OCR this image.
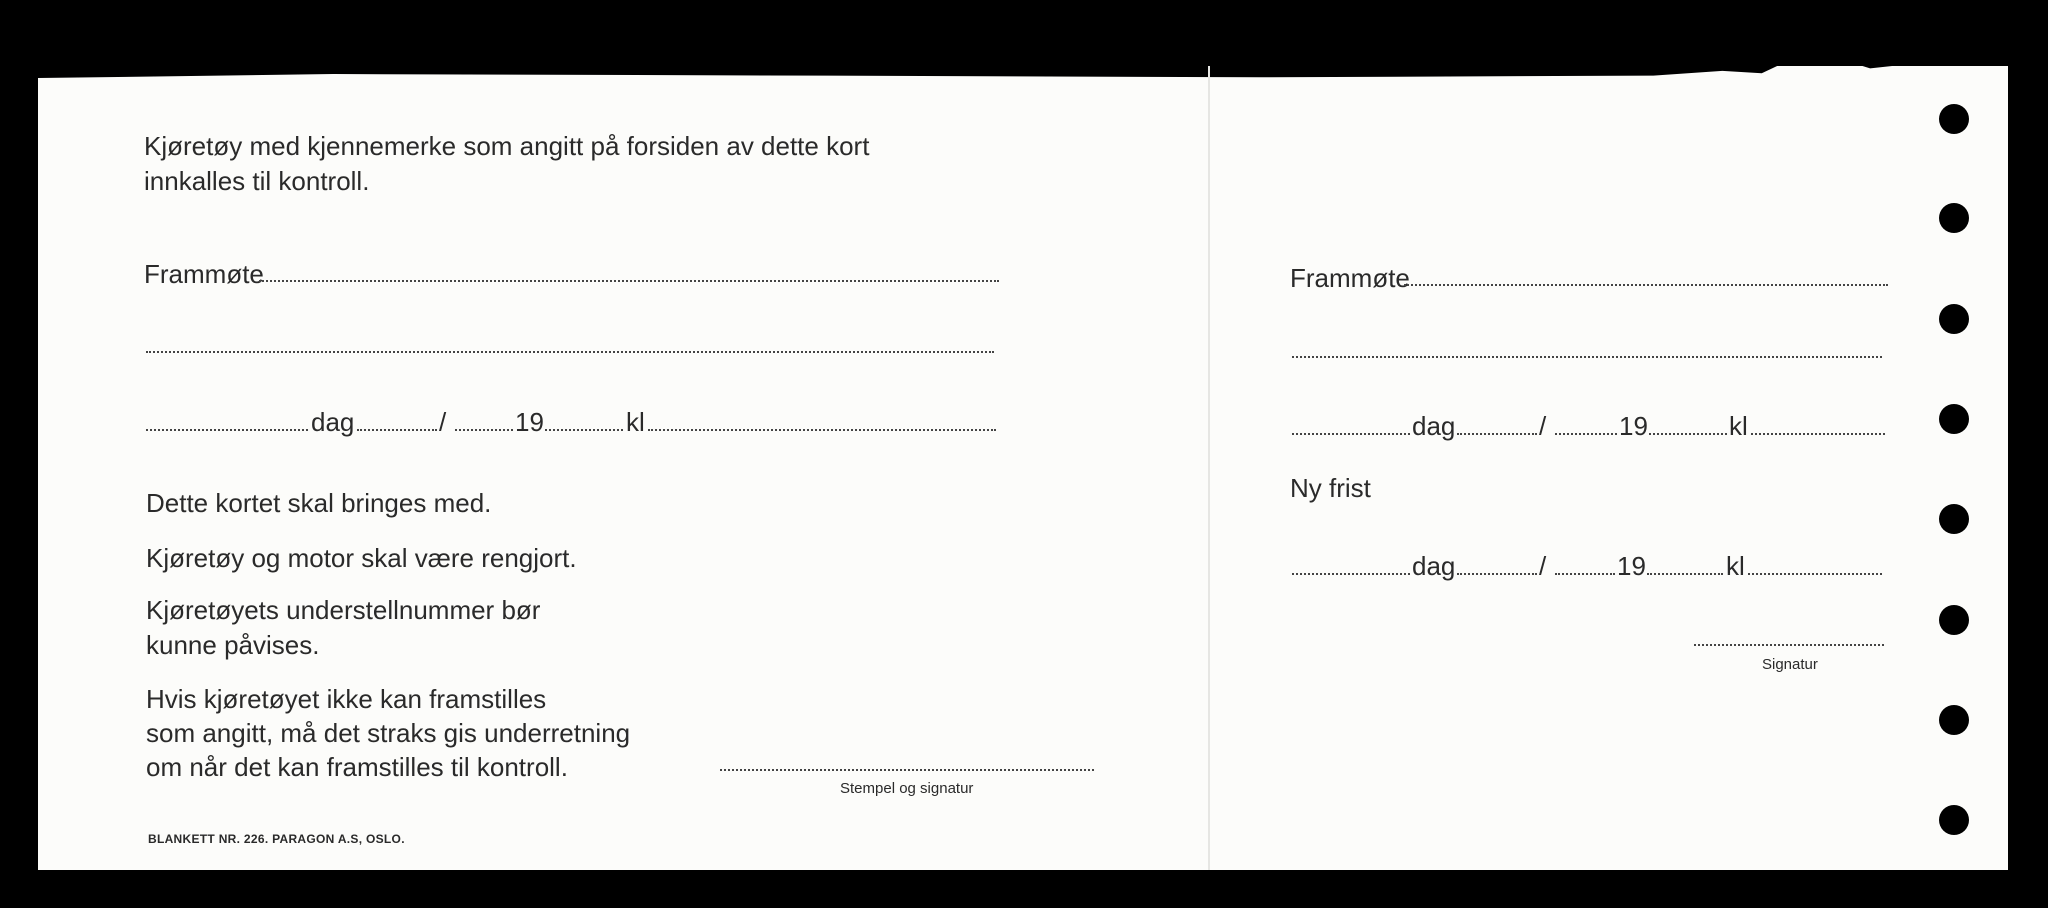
Kjøretøy med kjennemerke som angitt på forsiden av dette kort
innkalles til kontroll.
Frammøte
dag	/	19	kl
Dette kortet skal bringes med.
Kjøretøy og motor skal være rengjort.
Kjøretøyets understellnummer bør
kunne påvises.
Hvis kjøretøyet ikke kan framstilles
som angitt, må det straks gis underretning
om når det kan framstilles til kontroll.
Stempel og signatur
BLANKETT NR. 226. PARAGON A.S, OSLO.
Frammøte
dag	/	19	kl
Ny frist
dag	/	19	kl
Signatur
